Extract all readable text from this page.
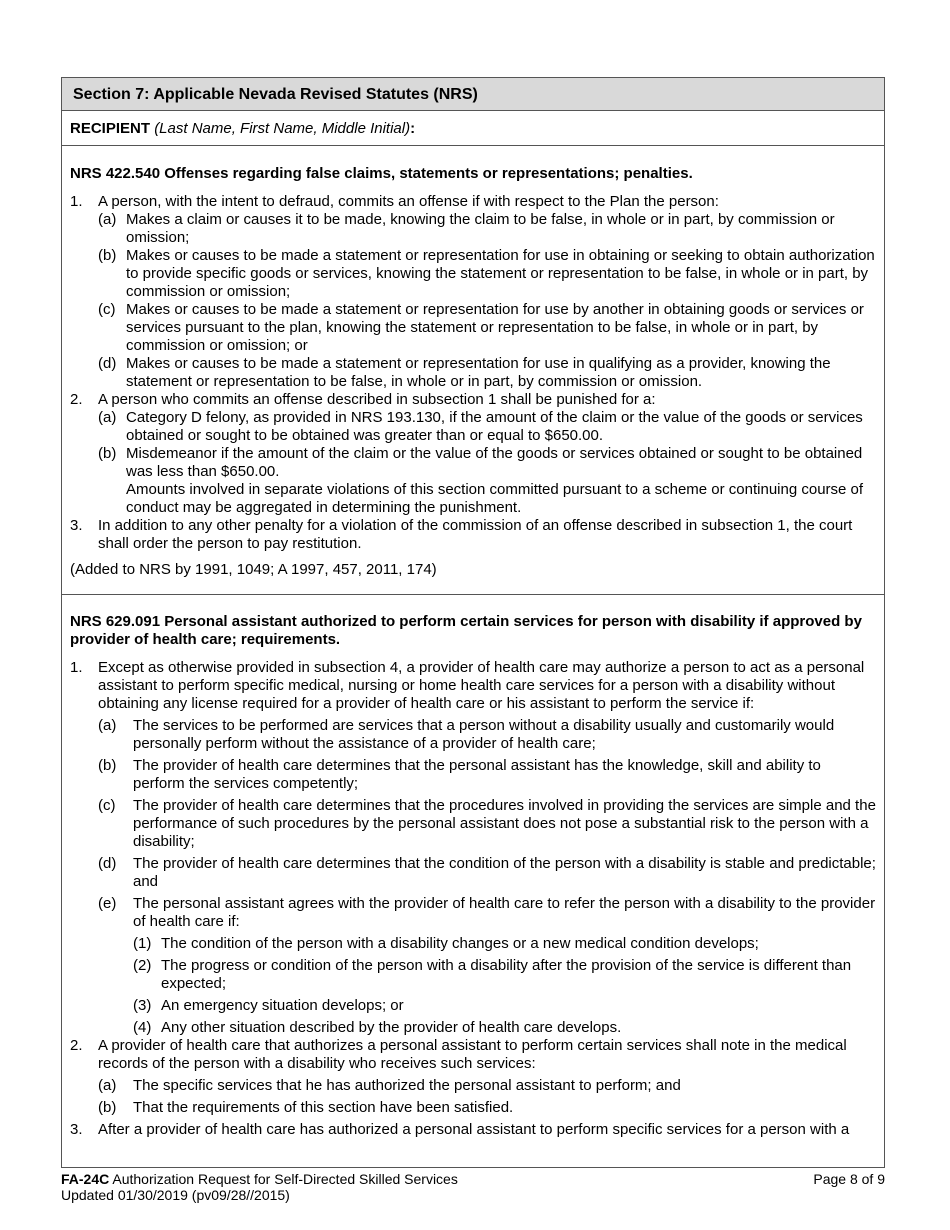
Section 7: Applicable Nevada Revised Statutes (NRS)
RECIPIENT (Last Name, First Name, Middle Initial):
NRS 422.540 Offenses regarding false claims, statements or representations; penalties.
1.	A person, with the intent to defraud, commits an offense if with respect to the Plan the person:
(a) Makes a claim or causes it to be made, knowing the claim to be false, in whole or in part, by commission or omission;
(b) Makes or causes to be made a statement or representation for use in obtaining or seeking to obtain authorization to provide specific goods or services, knowing the statement or representation to be false, in whole or in part, by commission or omission;
(c) Makes or causes to be made a statement or representation for use by another in obtaining goods or services or services pursuant to the plan, knowing the statement or representation to be false, in whole or in part, by commission or omission; or
(d) Makes or causes to be made a statement or representation for use in qualifying as a provider, knowing the statement or representation to be false, in whole or in part, by commission or omission.
2.	A person who commits an offense described in subsection 1 shall be punished for a:
(a) Category D felony, as provided in NRS 193.130, if the amount of the claim or the value of the goods or services obtained or sought to be obtained was greater than or equal to $650.00.
(b) Misdemeanor if the amount of the claim or the value of the goods or services obtained or sought to be obtained was less than $650.00.
Amounts involved in separate violations of this section committed pursuant to a scheme or continuing course of conduct may be aggregated in determining the punishment.
3.	In addition to any other penalty for a violation of the commission of an offense described in subsection 1, the court shall order the person to pay restitution.
(Added to NRS by 1991, 1049; A 1997, 457, 2011, 174)
NRS 629.091 Personal assistant authorized to perform certain services for person with disability if approved by provider of health care; requirements.
1.	Except as otherwise provided in subsection 4, a provider of health care may authorize a person to act as a personal assistant to perform specific medical, nursing or home health care services for a person with a disability without obtaining any license required for a provider of health care or his assistant to perform the service if:
(a)	The services to be performed are services that a person without a disability usually and customarily would personally perform without the assistance of a provider of health care;
(b)	The provider of health care determines that the personal assistant has the knowledge, skill and ability to perform the services competently;
(c)	The provider of health care determines that the procedures involved in providing the services are simple and the performance of such procedures by the personal assistant does not pose a substantial risk to the person with a disability;
(d)	The provider of health care determines that the condition of the person with a disability is stable and predictable; and
(e)	The personal assistant agrees with the provider of health care to refer the person with a disability to the provider of health care if:
(1) The condition of the person with a disability changes or a new medical condition develops;
(2) The progress or condition of the person with a disability after the provision of the service is different than expected;
(3) An emergency situation develops; or
(4) Any other situation described by the provider of health care develops.
2.	A provider of health care that authorizes a personal assistant to perform certain services shall note in the medical records of the person with a disability who receives such services:
(a)	The specific services that he has authorized the personal assistant to perform; and
(b)	That the requirements of this section have been satisfied.
3.	After a provider of health care has authorized a personal assistant to perform specific services for a person with a
FA-24C Authorization Request for Self-Directed Skilled Services	Page 8 of 9
Updated 01/30/2019 (pv09/28//2015)
